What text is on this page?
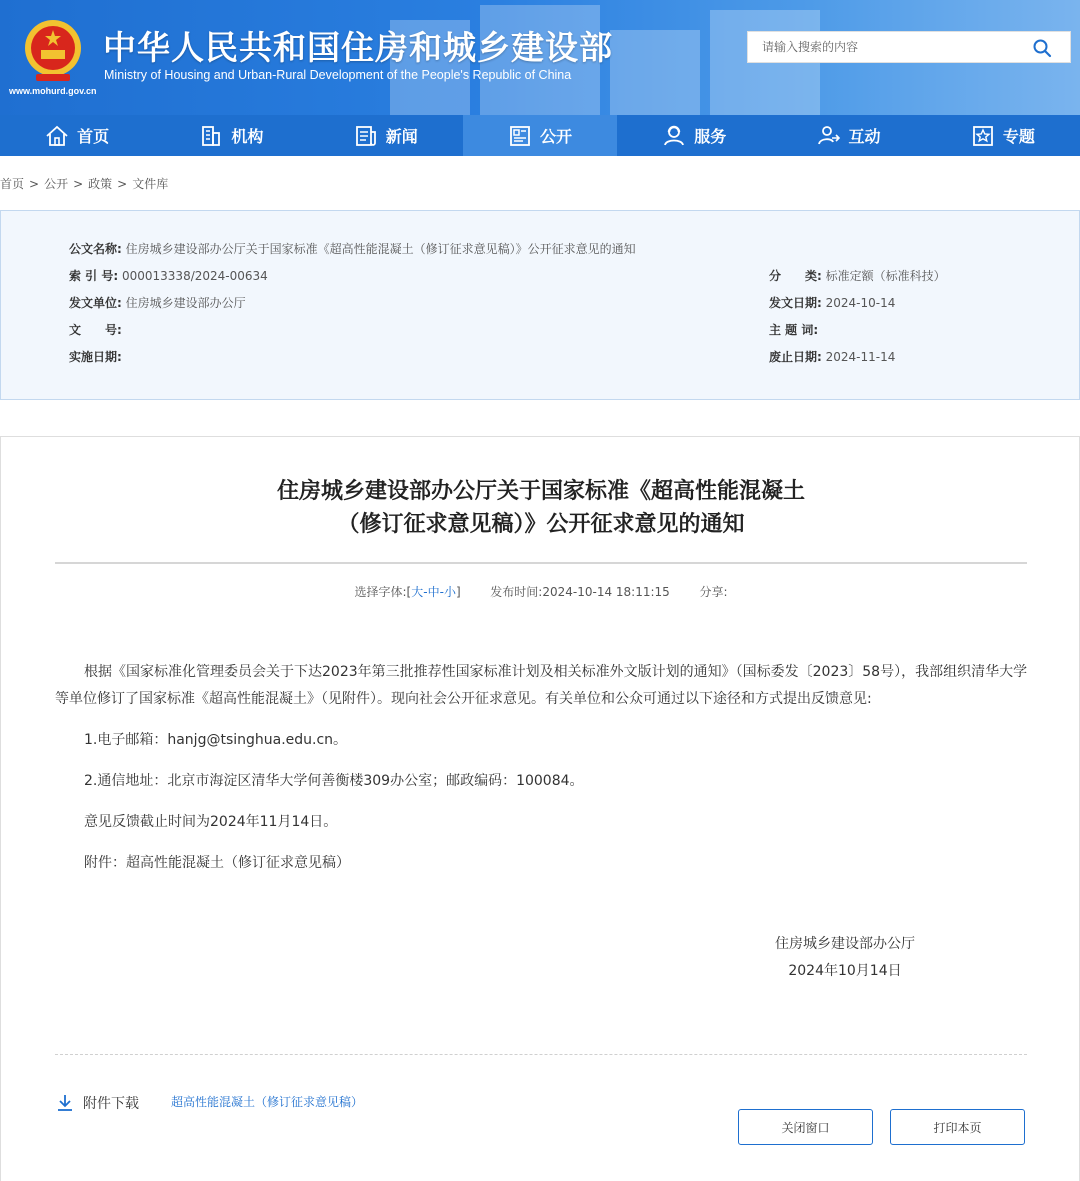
www.mohurd.gov.cn
中华人民共和国住房和城乡建设部
Ministry of Housing and Urban-Rural Development of the People's Republic of China
请输入搜索的内容
首页	机构	新闻	公开	服务	互动	专题
首页 > 公开 > 政策 > 文件库
公文名称: 住房城乡建设部办公厅关于国家标准《超高性能混凝土（修订征求意见稿）》公开征求意见的通知
索 引 号: 000013338/2024-00634	分　　类: 标准定额（标准科技）
发文单位: 住房城乡建设部办公厅	发文日期: 2024-10-14
文　　号:	主 题 词:
实施日期:	废止日期: 2024-11-14
住房城乡建设部办公厅关于国家标准《超高性能混凝土
（修订征求意见稿）》公开征求意见的通知
选择字体:[大-中-小] 发布时间:2024-10-14 18:11:15 分享:

根据《国家标准化管理委员会关于下达2023年第三批推荐性国家标准计划及相关标准外文版计划的通知》（国标委发〔2023〕58号），我部组织清华大学等单位修订了国家标准《超高性能混凝土》（见附件）。现向社会公开征求意见。有关单位和公众可通过以下途径和方式提出反馈意见:

1.电子邮箱：hanjg@tsinghua.edu.cn。

2.通信地址：北京市海淀区清华大学何善衡楼309办公室；邮政编码：100084。

意见反馈截止时间为2024年11月14日。

附件：超高性能混凝土（修订征求意见稿）

住房城乡建设部办公厅
2024年10月14日
附件下载	超高性能混凝土（修订征求意见稿）
关闭窗口	打印本页
